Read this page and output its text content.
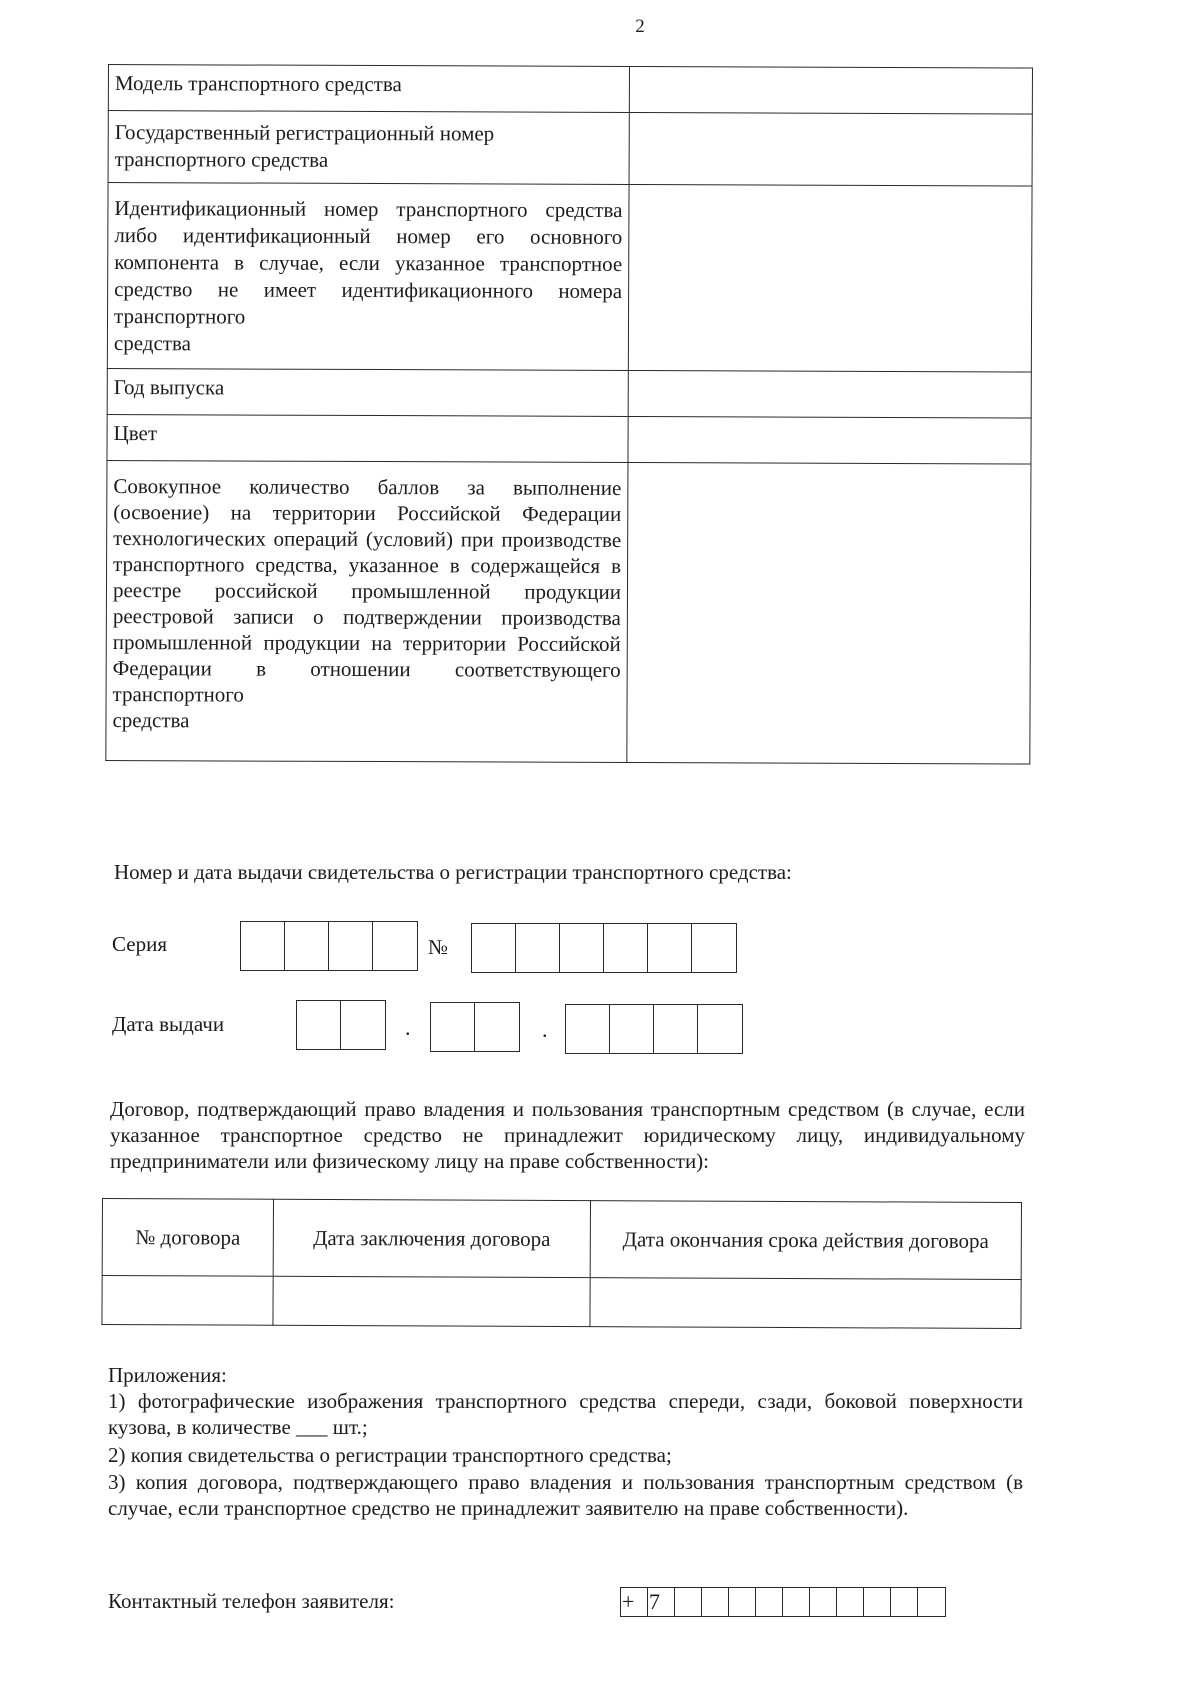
2
Модель транспортного средства	
Государственный регистрационный номер транспортного средства	

Идентификационный номер транспортного средства либо идентификационный номер его основного компонента в случае, если указанное транспортное средство не имеет идентификационного номера транспортного
средства	

Год выпуска	
Цвет	

Совокупное количество баллов за выполнение (освоение) на территории Российской Федерации технологических операций (условий) при производстве транспортного средства, указанное в содержащейся в реестре российской промышленной продукции реестровой записи о подтверждении производства промышленной продукции на территории Российской Федерации в отношении соответствующего транспортного
средства	

Номер и дата выдачи свидетельства о регистрации транспортного средства:
Серия	№
Дата выдачи	.	.
Договор, подтверждающий право владения и пользования транспортным средством (в случае, если указанное транспортное средство не принадлежит юридическому лицу, индивидуальному предприниматели или физическому лицу на праве собственности):
№ договора	Дата заключения договора	Дата окончания срока действия договора

Приложения:
1) фотографические изображения транспортного средства спереди, сзади, боковой поверхности кузова, в количестве ___ шт.;
2) копия свидетельства о регистрации транспортного средства;
3) копия договора, подтверждающего право владения и пользования транспортным средством (в случае, если транспортное средство не принадлежит заявителю на праве собственности).
Контактный телефон заявителя:	+ 7
